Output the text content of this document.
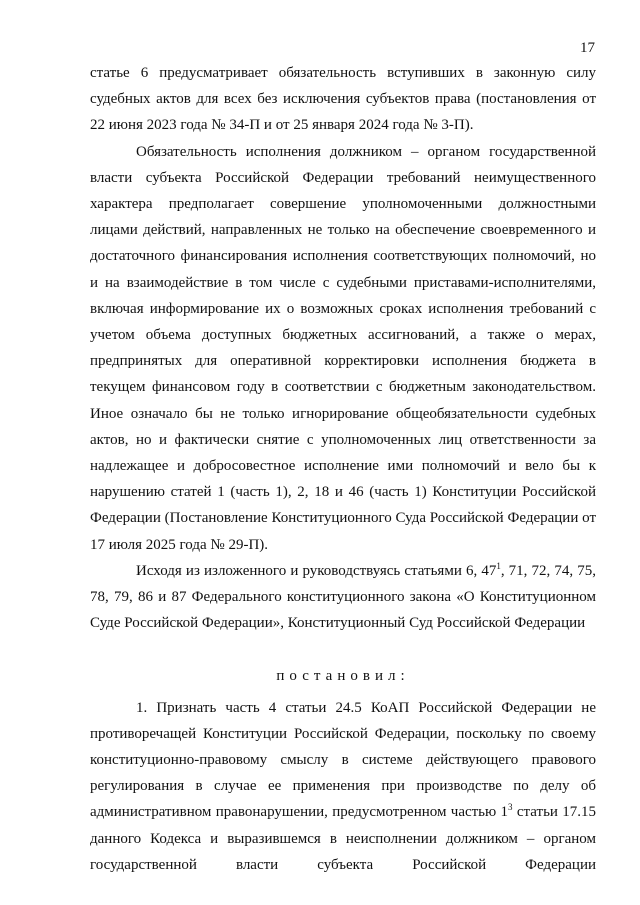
17

статье 6 предусматривает обязательность вступивших в законную силу судебных актов для всех без исключения субъектов права (постановления от 22 июня 2023 года № 34-П и от 25 января 2024 года № 3-П).

Обязательность исполнения должником – органом государственной власти субъекта Российской Федерации требований неимущественного характера предполагает совершение уполномоченными должностными лицами действий, направленных не только на обеспечение своевременного и достаточного финансирования исполнения соответствующих полномочий, но и на взаимодействие в том числе с судебными приставами-исполнителями, включая информирование их о возможных сроках исполнения требований с учетом объема доступных бюджетных ассигнований, а также о мерах, предпринятых для оперативной корректировки исполнения бюджета в текущем финансовом году в соответствии с бюджетным законодательством. Иное означало бы не только игнорирование общеобязательности судебных актов, но и фактически снятие с уполномоченных лиц ответственности за надлежащее и добросовестное исполнение ими полномочий и вело бы к нарушению статей 1 (часть 1), 2, 18 и 46 (часть 1) Конституции Российской Федерации (Постановление Конституционного Суда Российской Федерации от 17 июля 2025 года № 29-П).

Исходя из изложенного и руководствуясь статьями 6, $47^1$, 71, 72, 74, 75, 78, 79, 86 и 87 Федерального конституционного закона «О Конституционном Суде Российской Федерации», Конституционный Суд Российской Федерации

постановил:

1. Признать часть 4 статьи 24.5 КоАП Российской Федерации не противоречащей Конституции Российской Федерации, поскольку по своему конституционно-правовому смыслу в системе действующего правового регулирования в случае ее применения при производстве по делу об административном правонарушении, предусмотренном частью $1^3$ статьи 17.15 данного Кодекса и выразившемся в неисполнении должником – органом государственной власти субъекта Российской Федерации
